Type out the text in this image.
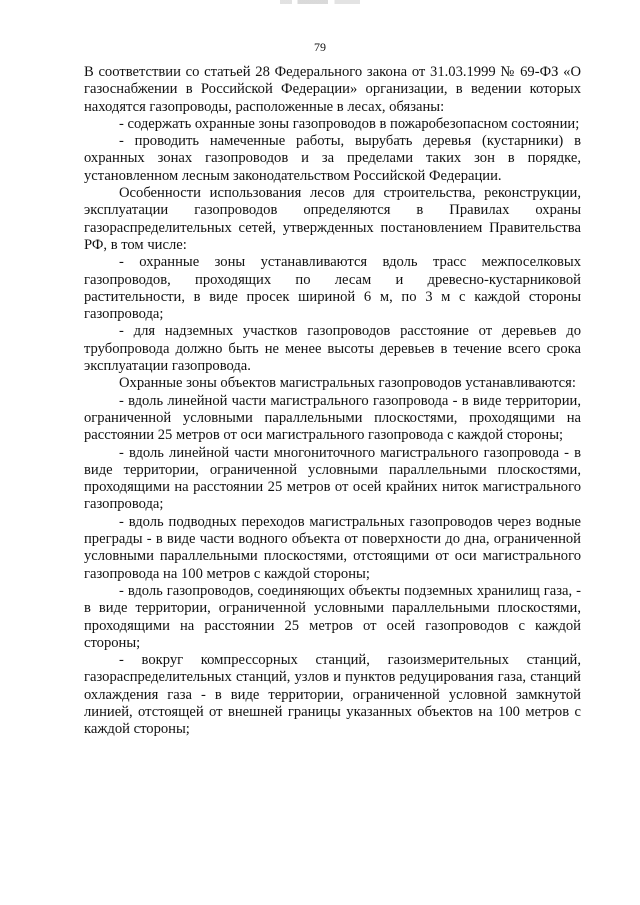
79

В соответствии со статьей 28 Федерального закона от 31.03.1999 № 69-ФЗ «О газоснабжении в Российской Федерации» организации, в ведении которых находятся газопроводы, расположенные в лесах, обязаны:

- содержать охранные зоны газопроводов в пожаробезопасном состоянии;

- проводить намеченные работы, вырубать деревья (кустарники) в охранных зонах газопроводов и за пределами таких зон в порядке, установленном лесным законодательством Российской Федерации.

Особенности использования лесов для строительства, реконструкции, эксплуатации газопроводов определяются в Правилах охраны газораспределительных сетей, утвержденных постановлением Правительства РФ, в том числе:

- охранные зоны устанавливаются вдоль трасс межпоселковых газопроводов, проходящих по лесам и древесно-кустарниковой растительности, в виде просек шириной 6 м, по 3 м с каждой стороны газопровода;

- для надземных участков газопроводов расстояние от деревьев до трубопровода должно быть не менее высоты деревьев в течение всего срока эксплуатации газопровода.

Охранные зоны объектов магистральных газопроводов устанавливаются:

- вдоль линейной части магистрального газопровода - в виде территории, ограниченной условными параллельными плоскостями, проходящими на расстоянии 25 метров от оси магистрального газопровода с каждой стороны;

- вдоль линейной части многониточного магистрального газопровода - в виде территории, ограниченной условными параллельными плоскостями, проходящими на расстоянии 25 метров от осей крайних ниток магистрального газопровода;

- вдоль подводных переходов магистральных газопроводов через водные преграды - в виде части водного объекта от поверхности до дна, ограниченной условными параллельными плоскостями, отстоящими от оси магистрального газопровода на 100 метров с каждой стороны;

- вдоль газопроводов, соединяющих объекты подземных хранилищ газа, - в виде территории, ограниченной условными параллельными плоскостями, проходящими на расстоянии 25 метров от осей газопроводов с каждой стороны;

- вокруг компрессорных станций, газоизмерительных станций, газораспределительных станций, узлов и пунктов редуцирования газа, станций охлаждения газа - в виде территории, ограниченной условной замкнутой линией, отстоящей от внешней границы указанных объектов на 100 метров с каждой стороны;
